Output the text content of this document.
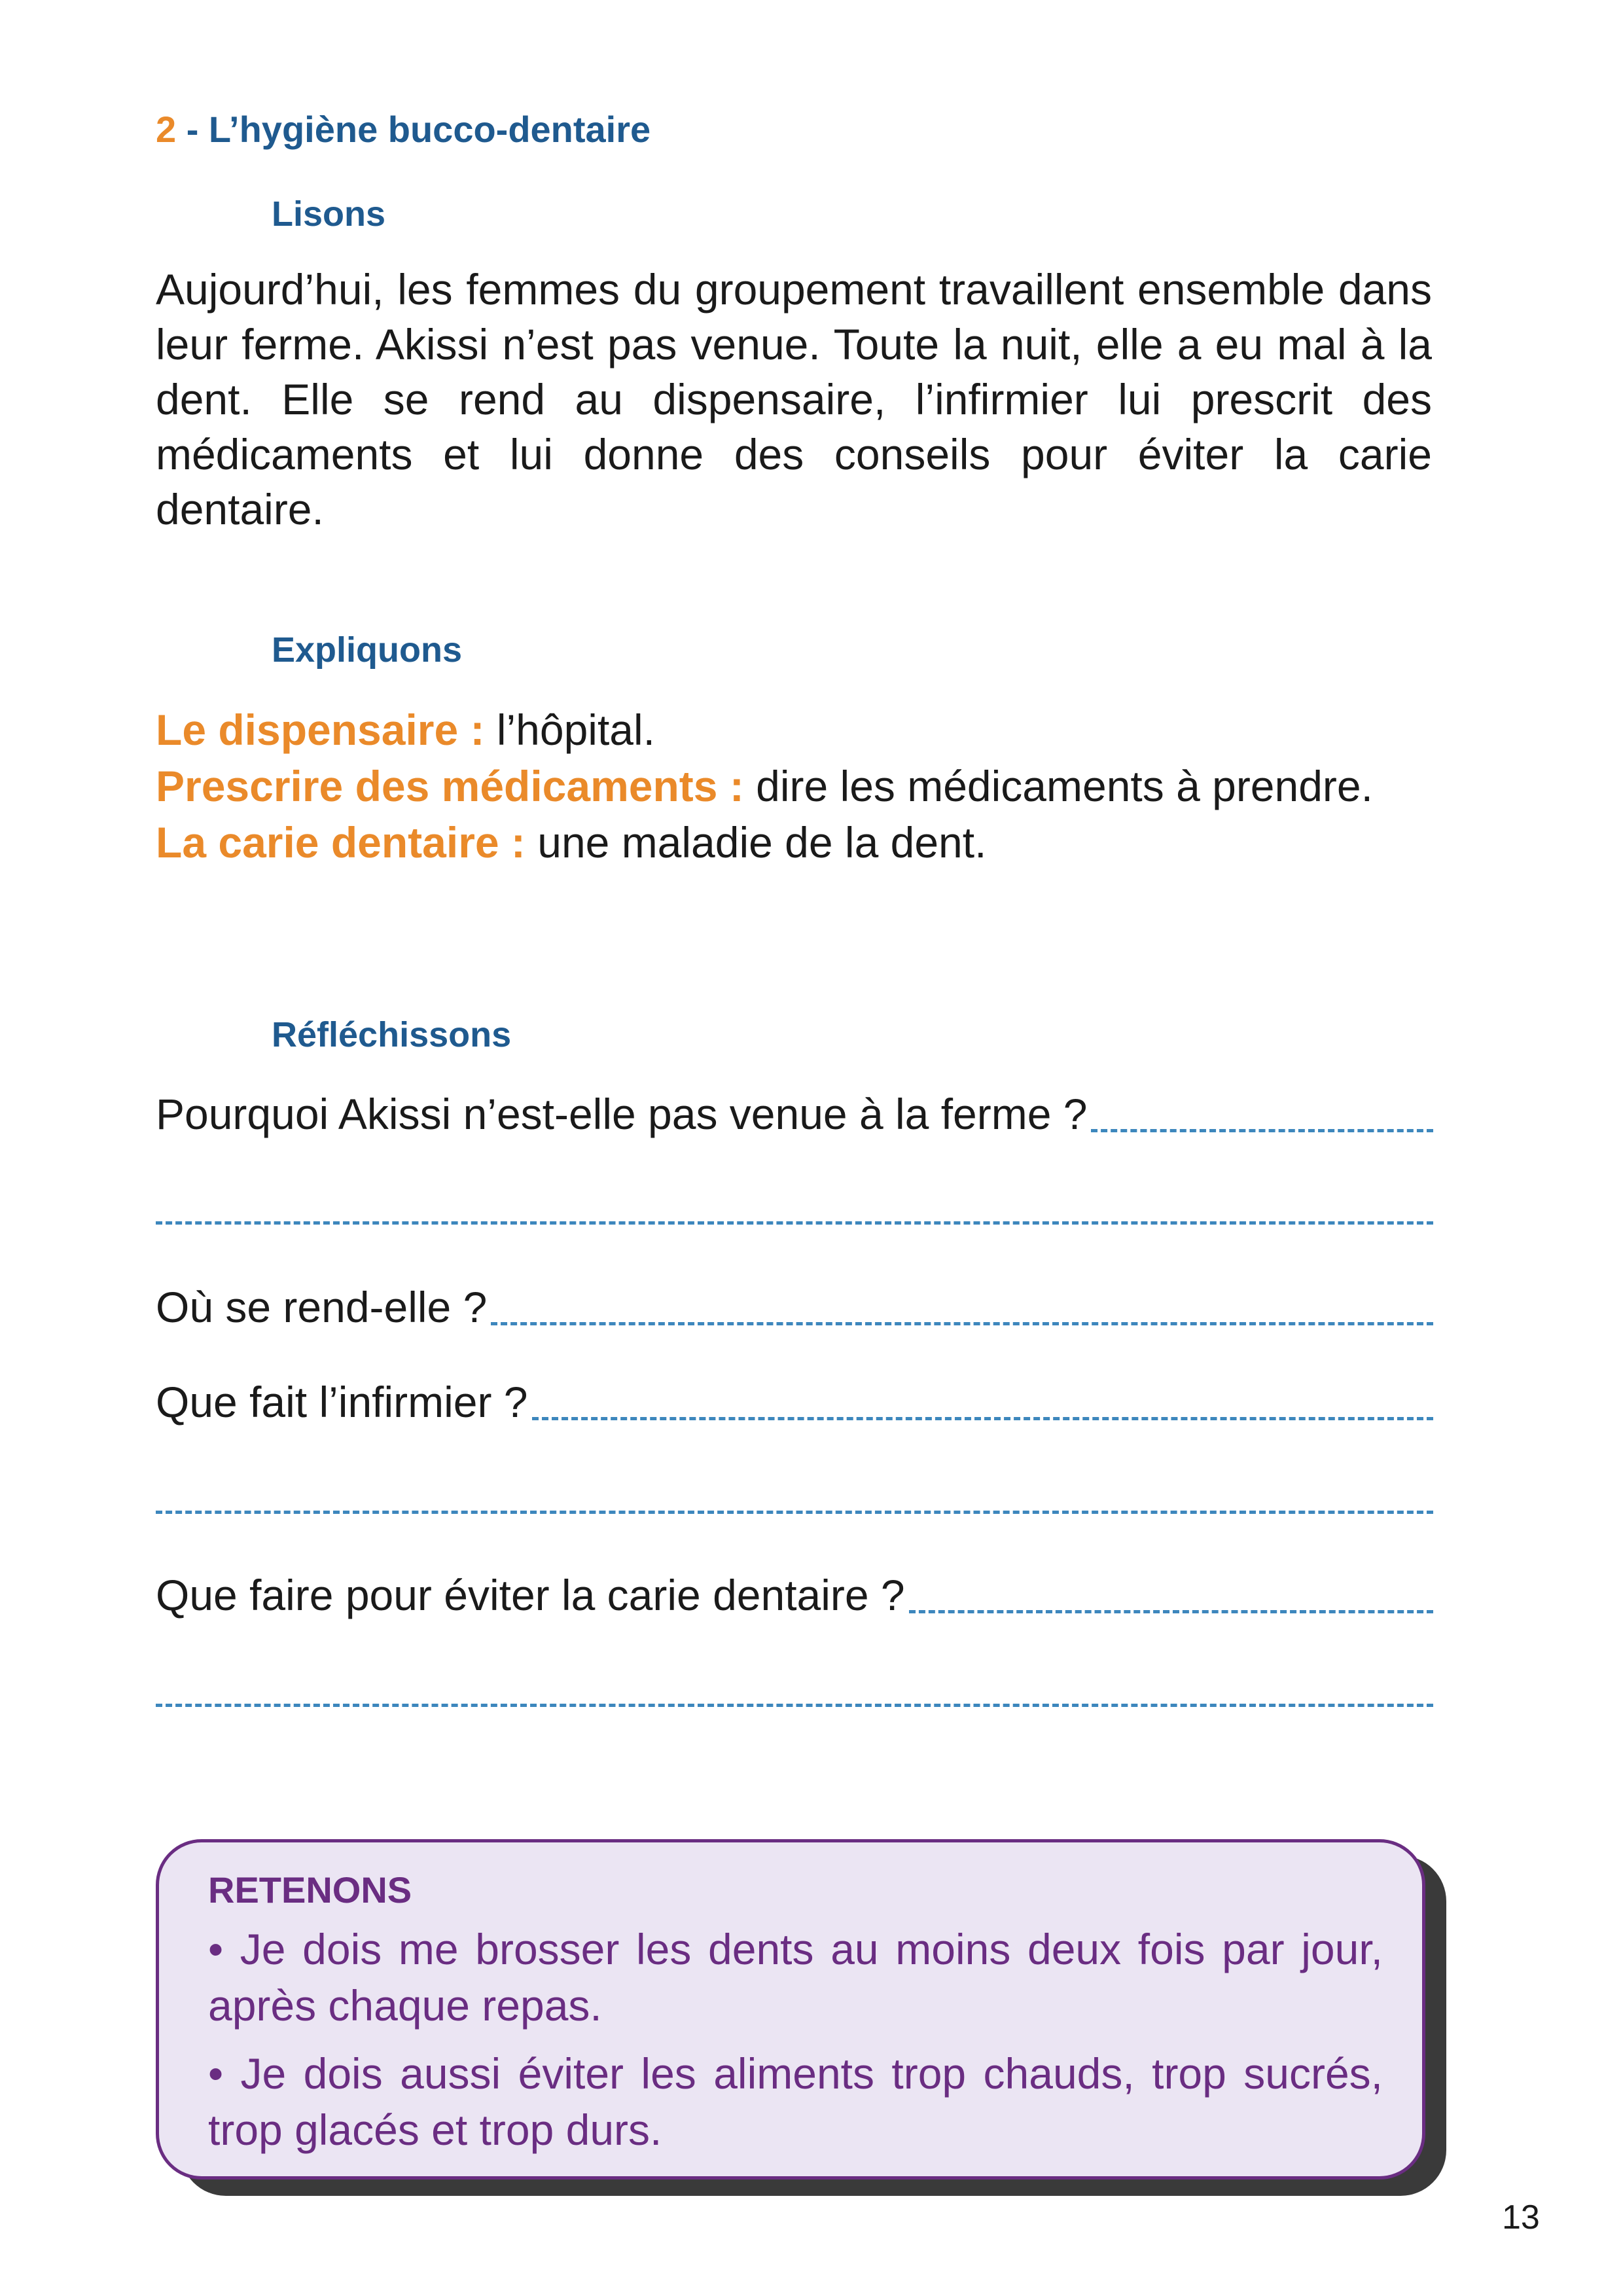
2 - L’hygiène bucco-dentaire
Lisons
Aujourd’hui, les femmes du groupement travaillent ensemble dans leur ferme. Akissi n’est pas venue. Toute la nuit, elle a eu mal à la dent. Elle se rend au dispensaire, l’infirmier lui prescrit des médicaments et lui donne des conseils pour éviter la carie dentaire.
Expliquons
Le dispensaire : l’hôpital.
Prescrire des médicaments : dire les médicaments à prendre.
La carie dentaire : une maladie de la dent.
Réfléchissons
Pourquoi Akissi n’est-elle pas venue à la ferme ?
Où se rend-elle ?
Que fait l’infirmier ?
Que faire pour éviter la carie dentaire ?
RETENONS
• Je dois me brosser les dents au moins deux fois par jour, après chaque repas.
• Je dois aussi éviter les aliments trop chauds, trop sucrés, trop glacés et trop durs.
13
